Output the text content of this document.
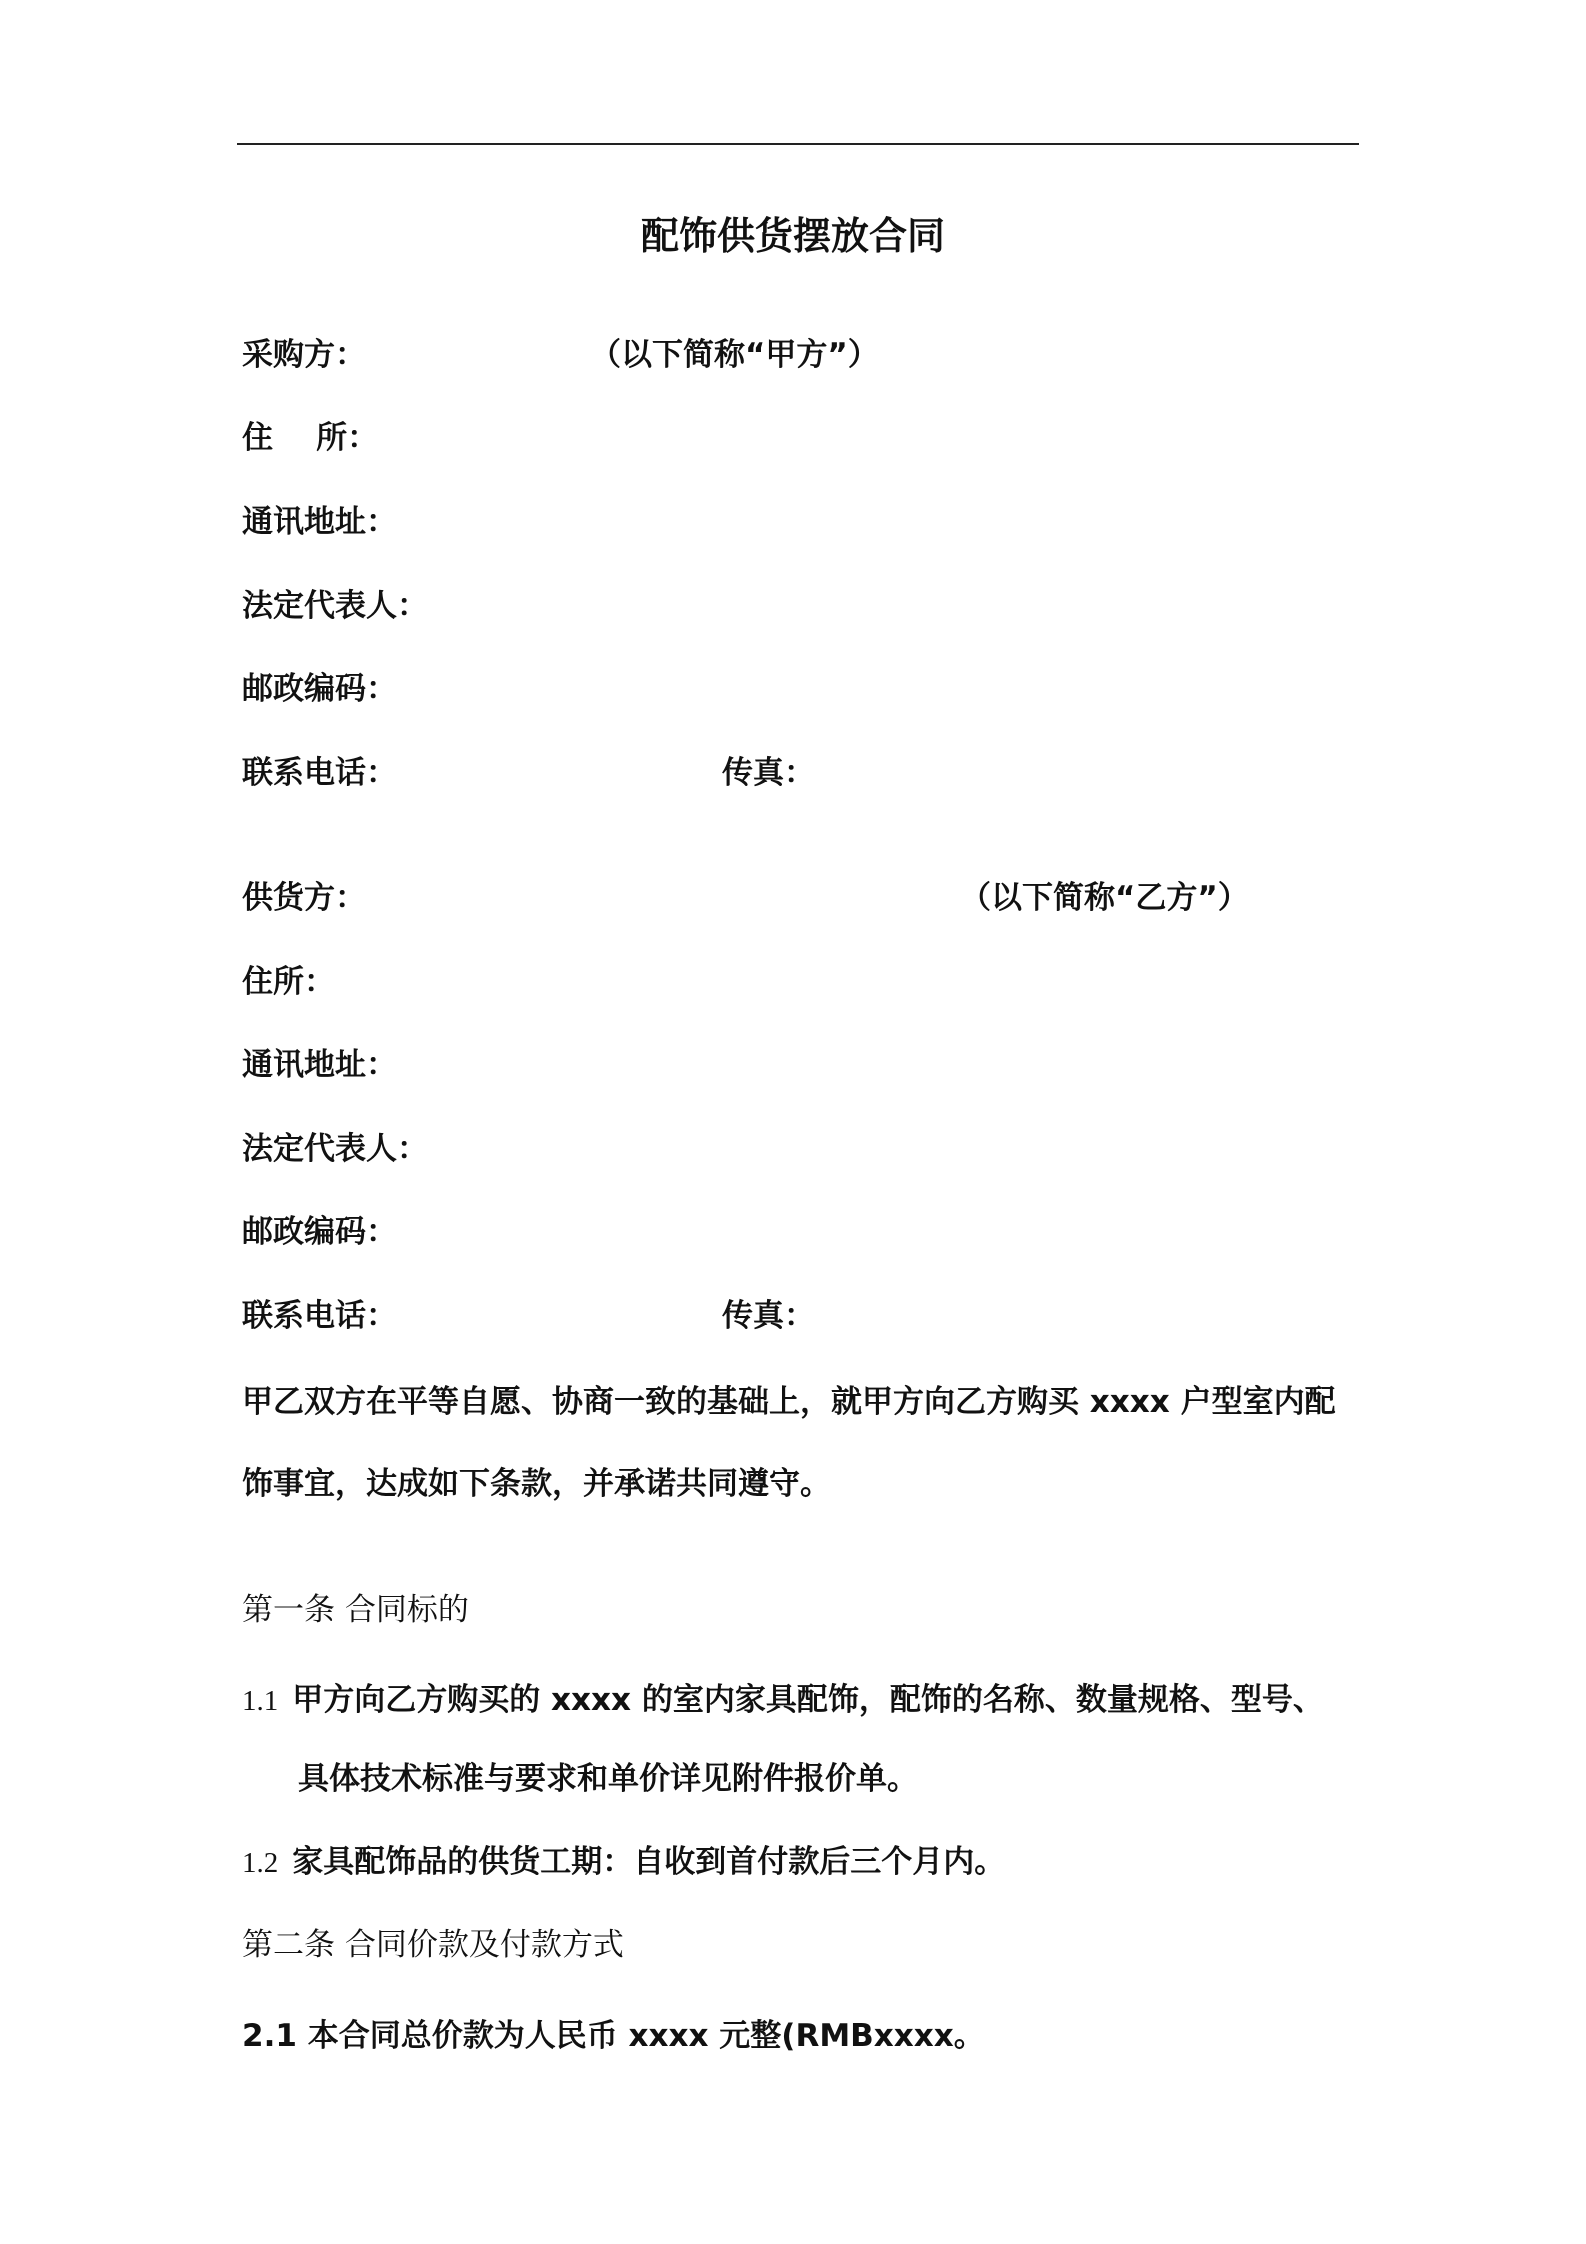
配饰供货摆放合同
采购方：	（以下简称“甲方”）
住    所：
通讯地址：
法定代表人：
邮政编码：
联系电话：	传真：
供货方：	（以下简称“乙方”）
住所：
通讯地址：
法定代表人：
邮政编码：
联系电话：	传真：
甲乙双方在平等自愿、协商一致的基础上，就甲方向乙方购买 xxxx 户型室内配
饰事宜，达成如下条款，并承诺共同遵守。
第一条 合同标的
1.1 甲方向乙方购买的 xxxx 的室内家具配饰，配饰的名称、数量规格、型号、
具体技术标准与要求和单价详见附件报价单。
1.2 家具配饰品的供货工期：自收到首付款后三个月内。
第二条 合同价款及付款方式
2.1 本合同总价款为人民币 xxxx 元整(RMBxxxx。
